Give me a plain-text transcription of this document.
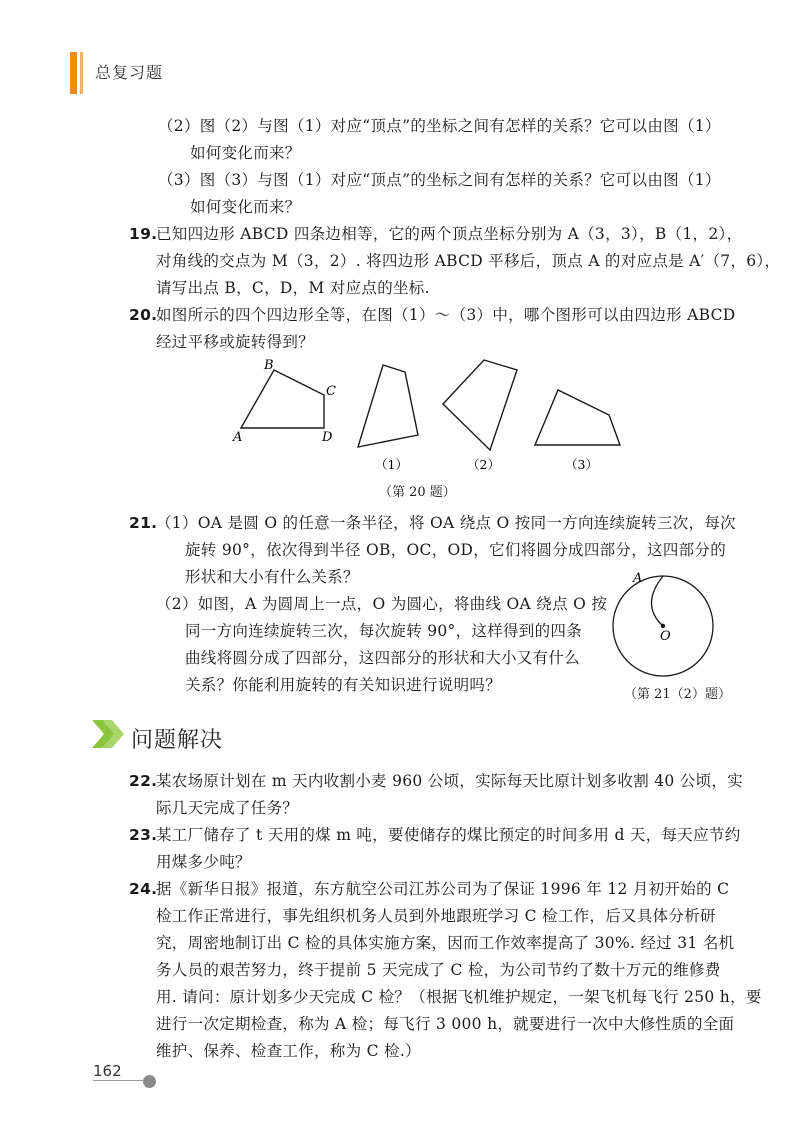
总复习题
（2）图（2）与图（1）对应“顶点”的坐标之间有怎样的关系？它可以由图（1）
如何变化而来？
（3）图（3）与图（1）对应“顶点”的坐标之间有怎样的关系？它可以由图（1）
如何变化而来？
19.
已知四边形 ABCD 四条边相等，它的两个顶点坐标分别为 A（3，3），B（1，2），
对角线的交点为 M（3，2）. 将四边形 ABCD 平移后，顶点 A 的对应点是 A′（7，6），
请写出点 B，C，D，M 对应点的坐标.
20.
如图所示的四个四边形全等，在图（1）～（3）中，哪个图形可以由四边形 ABCD
经过平移或旋转得到？
A
B
C
D
（1）	（2）	（3）
（第 20 题）
21.
（1）OA 是圆 O 的任意一条半径，将 OA 绕点 O 按同一方向连续旋转三次，每次
旋转 90°，依次得到半径 OB，OC，OD，它们将圆分成四部分，这四部分的
形状和大小有什么关系？
（2）如图，A 为圆周上一点，O 为圆心，将曲线 OA 绕点 O 按
同一方向连续旋转三次，每次旋转 90°，这样得到的四条
曲线将圆分成了四部分，这四部分的形状和大小又有什么
关系？你能利用旋转的有关知识进行说明吗？
A
O
（第 21（2）题）
问题解决
22.
某农场原计划在 m 天内收割小麦 960 公顷，实际每天比原计划多收割 40 公顷，实
际几天完成了任务？
23.
某工厂储存了 t 天用的煤 m 吨，要使储存的煤比预定的时间多用 d 天，每天应节约
用煤多少吨？
24.
据《新华日报》报道，东方航空公司江苏公司为了保证 1996 年 12 月初开始的 C
检工作正常进行，事先组织机务人员到外地跟班学习 C 检工作，后又具体分析研
究，周密地制订出 C 检的具体实施方案，因而工作效率提高了 30%. 经过 31 名机
务人员的艰苦努力，终于提前 5 天完成了 C 检，为公司节约了数十万元的维修费
用. 请问：原计划多少天完成 C 检？（根据飞机维护规定，一架飞机每飞行 250 h，要
进行一次定期检查，称为 A 检；每飞行 3 000 h，就要进行一次中大修性质的全面
维护、保养、检查工作，称为 C 检.）
162
